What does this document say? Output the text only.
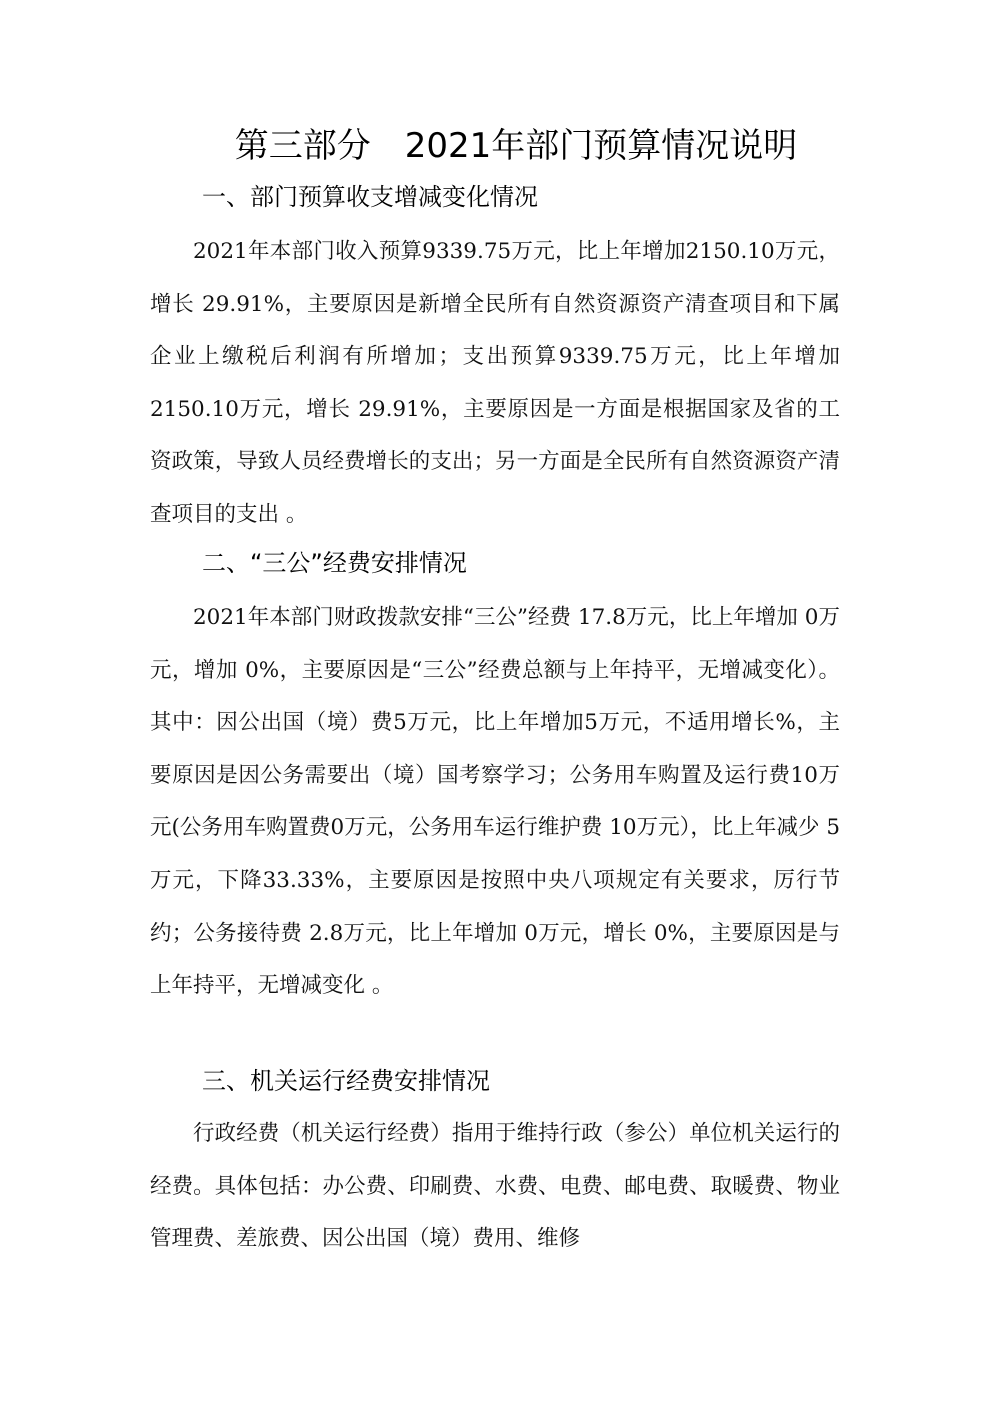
第三部分　2021年部门预算情况说明
一、部门预算收支增减变化情况

2021年本部门收入预算9339.75万元，比上年增加2150.10万元，增长 29.91%，主要原因是新增全民所有自然资源资产清查项目和下属企业上缴税后利润有所增加；支出预算9339.75万元，比上年增加 2150.10万元，增长 29.91%，主要原因是一方面是根据国家及省的工资政策，导致人员经费增长的支出；另一方面是全民所有自然资源资产清查项目的支出 。

二、“三公”经费安排情况

2021年本部门财政拨款安排“三公”经费 17.8万元，比上年增加 0万元，增加 0%，主要原因是“三公”经费总额与上年持平，无增减变化）。其中：因公出国（境）费5万元，比上年增加5万元，不适用增长%，主要原因是因公务需要出（境）国考察学习；公务用车购置及运行费10万元(公务用车购置费0万元，公务用车运行维护费 10万元），比上年减少 5万元，下降33.33%，主要原因是按照中央八项规定有关要求，厉行节约；公务接待费 2.8万元，比上年增加 0万元，增长 0%，主要原因是与上年持平，无增减变化 。

三、机关运行经费安排情况

行政经费（机关运行经费）指用于维持行政（参公）单位机关运行的经费。具体包括：办公费、印刷费、水费、电费、邮电费、取暖费、物业管理费、差旅费、因公出国（境）费用、维修
